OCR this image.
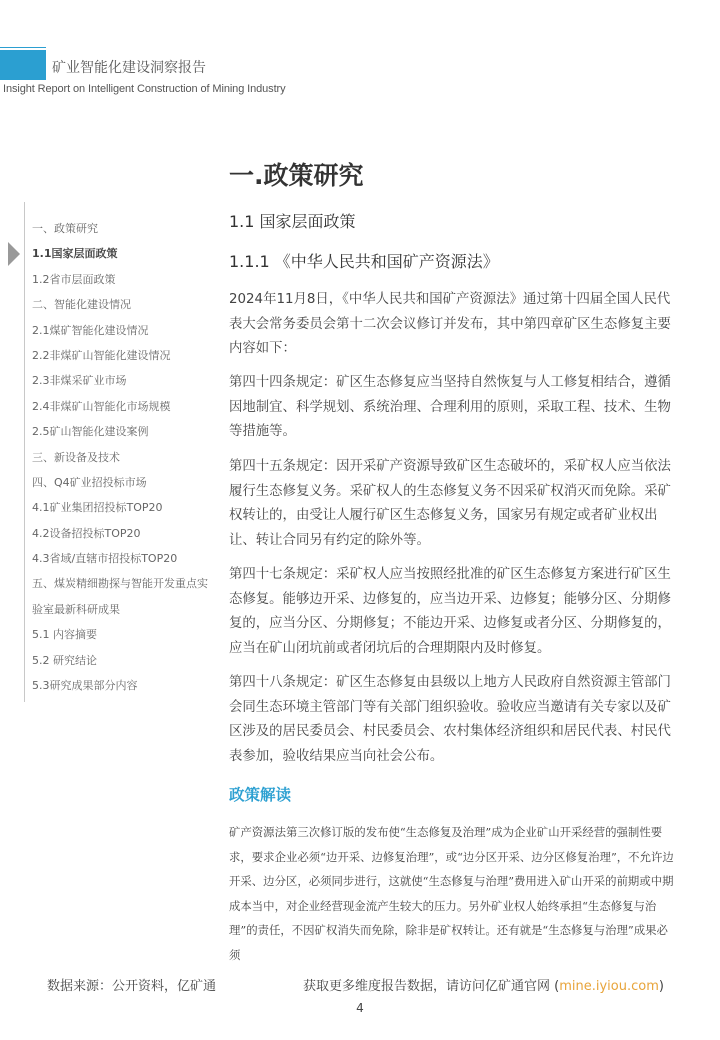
矿业智能化建设洞察报告
Insight Report on Intelligent Construction of Mining Industry
一.政策研究
一、政策研究
1.1国家层面政策
1.2省市层面政策
二、智能化建设情况
2.1煤矿智能化建设情况
2.2非煤矿山智能化建设情况
2.3非煤采矿业市场
2.4非煤矿山智能化市场规模
2.5矿山智能化建设案例
三、新设备及技术
四、Q4矿业招投标市场
4.1矿业集团招投标TOP20
4.2设备招投标TOP20
4.3省域/直辖市招投标TOP20
五、煤炭精细勘探与智能开发重点实
验室最新科研成果
5.1 内容摘要
5.2 研究结论
5.3研究成果部分内容
1.1 国家层面政策
1.1.1 《中华人民共和国矿产资源法》

2024年11月8日，《中华人民共和国矿产资源法》通过第十四届全国人民代表大会常务委员会第十二次会议修订并发布，其中第四章矿区生态修复主要内容如下：

第四十四条规定：矿区生态修复应当坚持自然恢复与人工修复相结合，遵循因地制宜、科学规划、系统治理、合理利用的原则，采取工程、技术、生物等措施等。

第四十五条规定：因开采矿产资源导致矿区生态破坏的，采矿权人应当依法履行生态修复义务。采矿权人的生态修复义务不因采矿权消灭而免除。采矿权转让的，由受让人履行矿区生态修复义务，国家另有规定或者矿业权出让、转让合同另有约定的除外等。

第四十七条规定：采矿权人应当按照经批准的矿区生态修复方案进行矿区生态修复。能够边开采、边修复的，应当边开采、边修复；能够分区、分期修复的，应当分区、分期修复；不能边开采、边修复或者分区、分期修复的，应当在矿山闭坑前或者闭坑后的合理期限内及时修复。

第四十八条规定：矿区生态修复由县级以上地方人民政府自然资源主管部门会同生态环境主管部门等有关部门组织验收。验收应当邀请有关专家以及矿区涉及的居民委员会、村民委员会、农村集体经济组织和居民代表、村民代表参加，验收结果应当向社会公布。

政策解读

矿产资源法第三次修订版的发布使“生态修复及治理”成为企业矿山开采经营的强制性要求，要求企业必须“边开采、边修复治理”，或“边分区开采、边分区修复治理”，不允许边开采、边分区，必须同步进行，这就使“生态修复与治理”费用进入矿山开采的前期或中期成本当中，对企业经营现金流产生较大的压力。另外矿业权人始终承担“生态修复与治理”的责任，不因矿权消失而免除，除非是矿权转让。还有就是“生态修复与治理”成果必须

数据来源：公开资料，亿矿通	获取更多维度报告数据，请访问亿矿通官网 (mine.iyiou.com)
4
